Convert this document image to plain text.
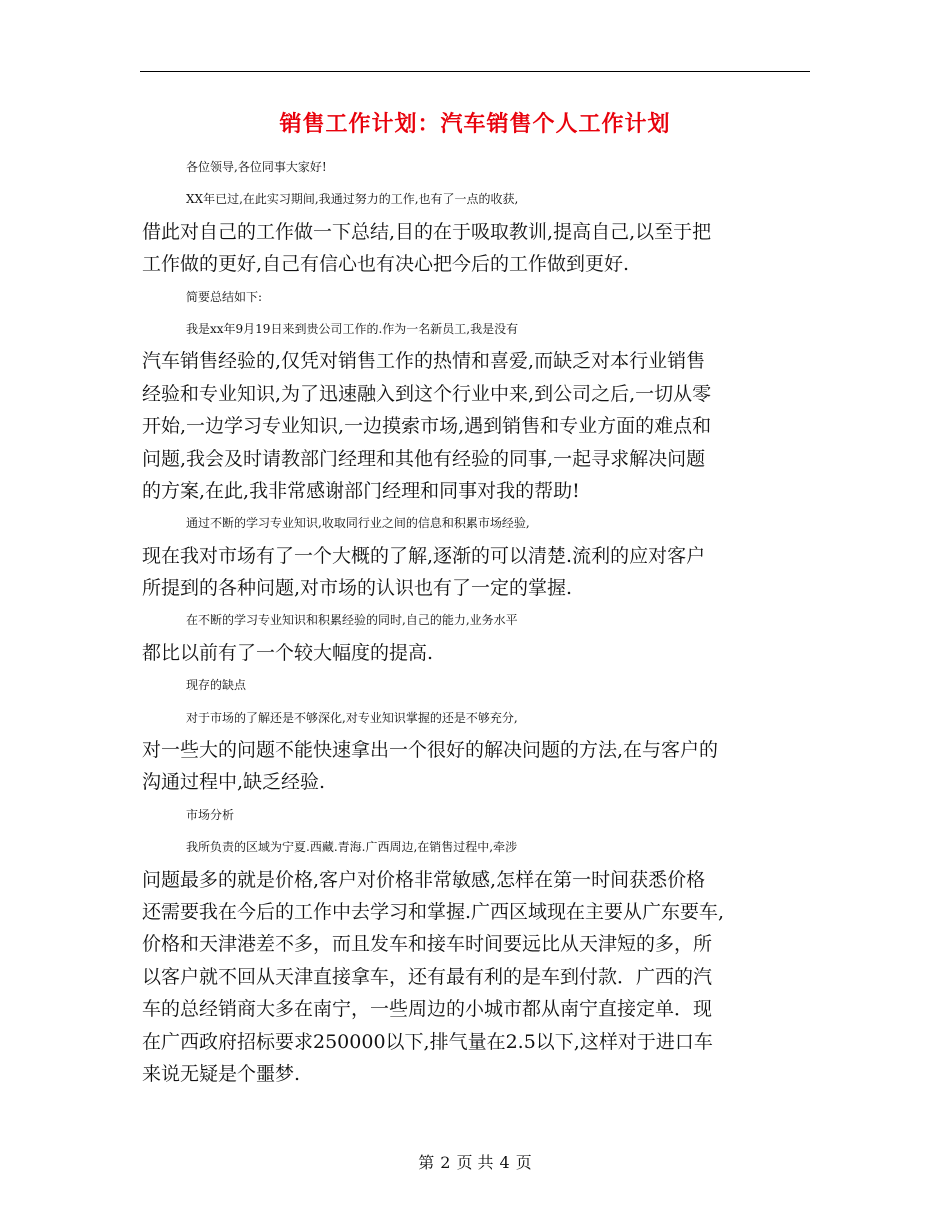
销售工作计划：汽车销售个人工作计划
各位领导,各位同事大家好!
XX年已过,在此实习期间,我通过努力的工作,也有了一点的收获,
借此对自己的工作做一下总结,目的在于吸取教训,提高自己,以至于把
工作做的更好,自己有信心也有决心把今后的工作做到更好.
简要总结如下:
我是xx年9月19日来到贵公司工作的.作为一名新员工,我是没有
汽车销售经验的,仅凭对销售工作的热情和喜爱,而缺乏对本行业销售
经验和专业知识,为了迅速融入到这个行业中来,到公司之后,一切从零
开始,一边学习专业知识,一边摸索市场,遇到销售和专业方面的难点和
问题,我会及时请教部门经理和其他有经验的同事,一起寻求解决问题
的方案,在此,我非常感谢部门经理和同事对我的帮助!
通过不断的学习专业知识,收取同行业之间的信息和积累市场经验,
现在我对市场有了一个大概的了解,逐渐的可以清楚.流利的应对客户
所提到的各种问题,对市场的认识也有了一定的掌握.
在不断的学习专业知识和积累经验的同时,自己的能力,业务水平
都比以前有了一个较大幅度的提高.
现存的缺点
对于市场的了解还是不够深化,对专业知识掌握的还是不够充分,
对一些大的问题不能快速拿出一个很好的解决问题的方法,在与客户的
沟通过程中,缺乏经验.
市场分析
我所负责的区域为宁夏.西藏.青海.广西周边,在销售过程中,牵涉
问题最多的就是价格,客户对价格非常敏感,怎样在第一时间获悉价格
还需要我在今后的工作中去学习和掌握.广西区域现在主要从广东要车,
价格和天津港差不多，而且发车和接车时间要远比从天津短的多，所
以客户就不回从天津直接拿车，还有最有利的是车到付款．广西的汽
车的总经销商大多在南宁，一些周边的小城市都从南宁直接定单．现
在广西政府招标要求250000以下,排气量在2.5以下,这样对于进口车
来说无疑是个噩梦.
第 2 页 共 4 页
